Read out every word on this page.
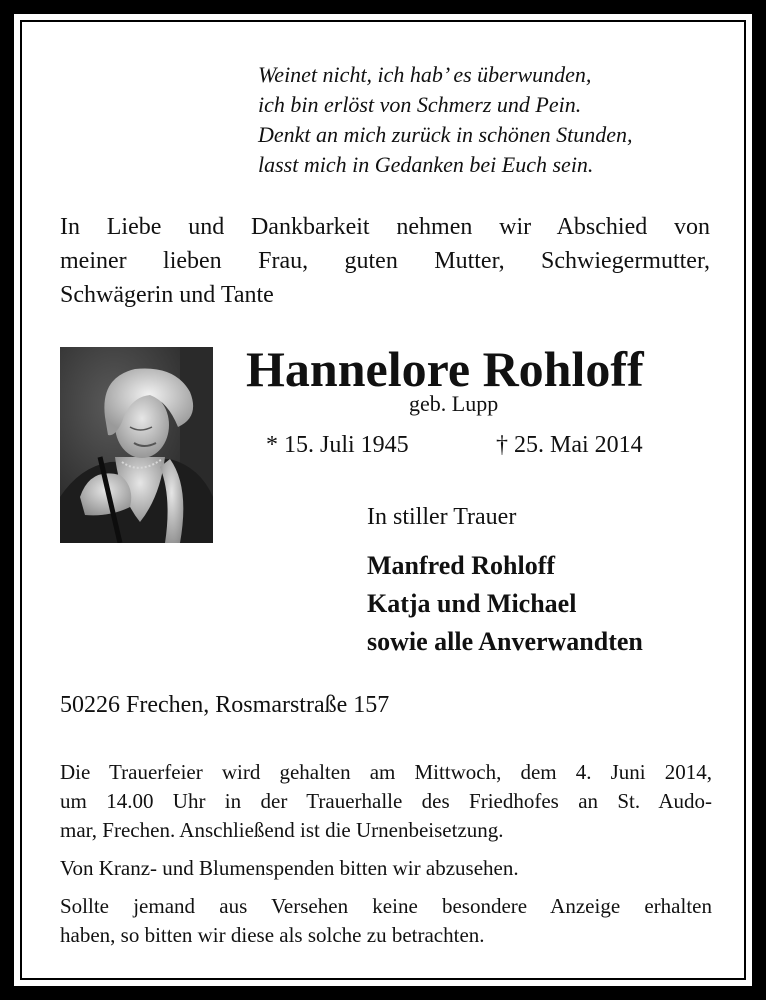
Weinet nicht, ich hab’ es überwunden,
ich bin erlöst von Schmerz und Pein.
Denkt an mich zurück in schönen Stunden,
lasst mich in Gedanken bei Euch sein.
In Liebe und Dankbarkeit nehmen wir Abschied von
meiner lieben Frau, guten Mutter, Schwiegermutter,
Schwägerin und Tante
Hannelore Rohloff
geb. Lupp
* 15. Juli 1945	† 25. Mai 2014
In stiller Trauer
Manfred Rohloff
Katja und Michael
sowie alle Anverwandten
50226 Frechen, Rosmarstraße 157
Die Trauerfeier wird gehalten am Mittwoch, dem 4. Juni 2014,
um 14.00 Uhr in der Trauerhalle des Friedhofes an St. Audo-
mar, Frechen. Anschließend ist die Urnenbeisetzung.
Von Kranz- und Blumenspenden bitten wir abzusehen.
Sollte jemand aus Versehen keine besondere Anzeige erhalten
haben, so bitten wir diese als solche zu betrachten.
